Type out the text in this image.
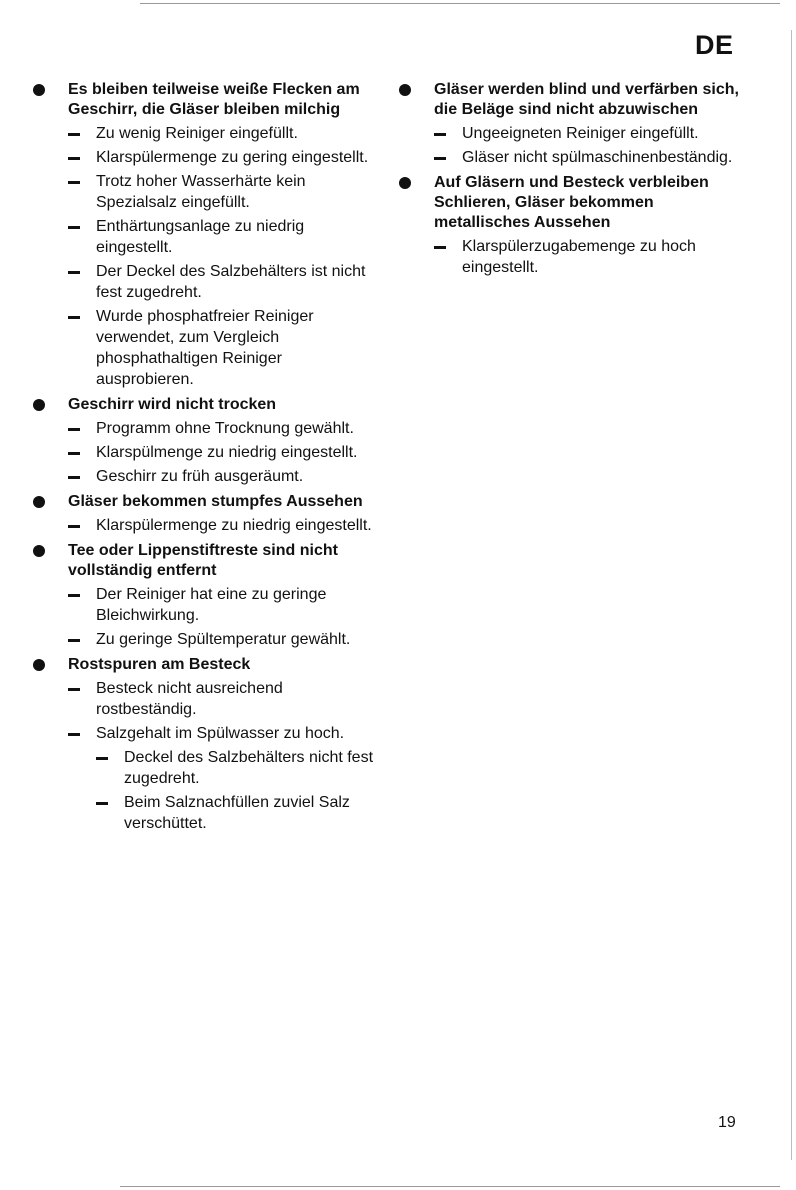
DE
Es bleiben teilweise weiße Flecken am Geschirr, die Gläser bleiben milchig
Zu wenig Reiniger eingefüllt.
Klarspülermenge zu gering eingestellt.
Trotz hoher Wasserhärte kein Spezialsalz eingefüllt.
Enthärtungsanlage zu niedrig eingestellt.
Der Deckel des Salzbehälters ist nicht fest zugedreht.
Wurde phosphatfreier Reiniger verwendet, zum Vergleich phosphathaltigen Reiniger ausprobieren.
Geschirr wird nicht trocken
Programm ohne Trocknung gewählt.
Klarspülmenge zu niedrig eingestellt.
Geschirr zu früh ausgeräumt.
Gläser bekommen stumpfes Aussehen
Klarspülermenge zu niedrig eingestellt.
Tee oder Lippenstiftreste sind nicht vollständig entfernt
Der Reiniger hat eine zu geringe Bleichwirkung.
Zu geringe Spültemperatur gewählt.
Rostspuren am Besteck
Besteck nicht ausreichend rostbeständig.
Salzgehalt im Spülwasser zu hoch.
Deckel des Salzbehälters nicht fest zugedreht.
Beim Salznachfüllen zuviel Salz verschüttet.
Gläser werden blind und verfärben sich, die Beläge sind nicht abzuwischen
Ungeeigneten Reiniger eingefüllt.
Gläser nicht spülmaschinenbeständig.
Auf Gläsern und Besteck verbleiben Schlieren, Gläser bekommen metallisches Aussehen
Klarspülerzugabemenge zu hoch eingestellt.
19
